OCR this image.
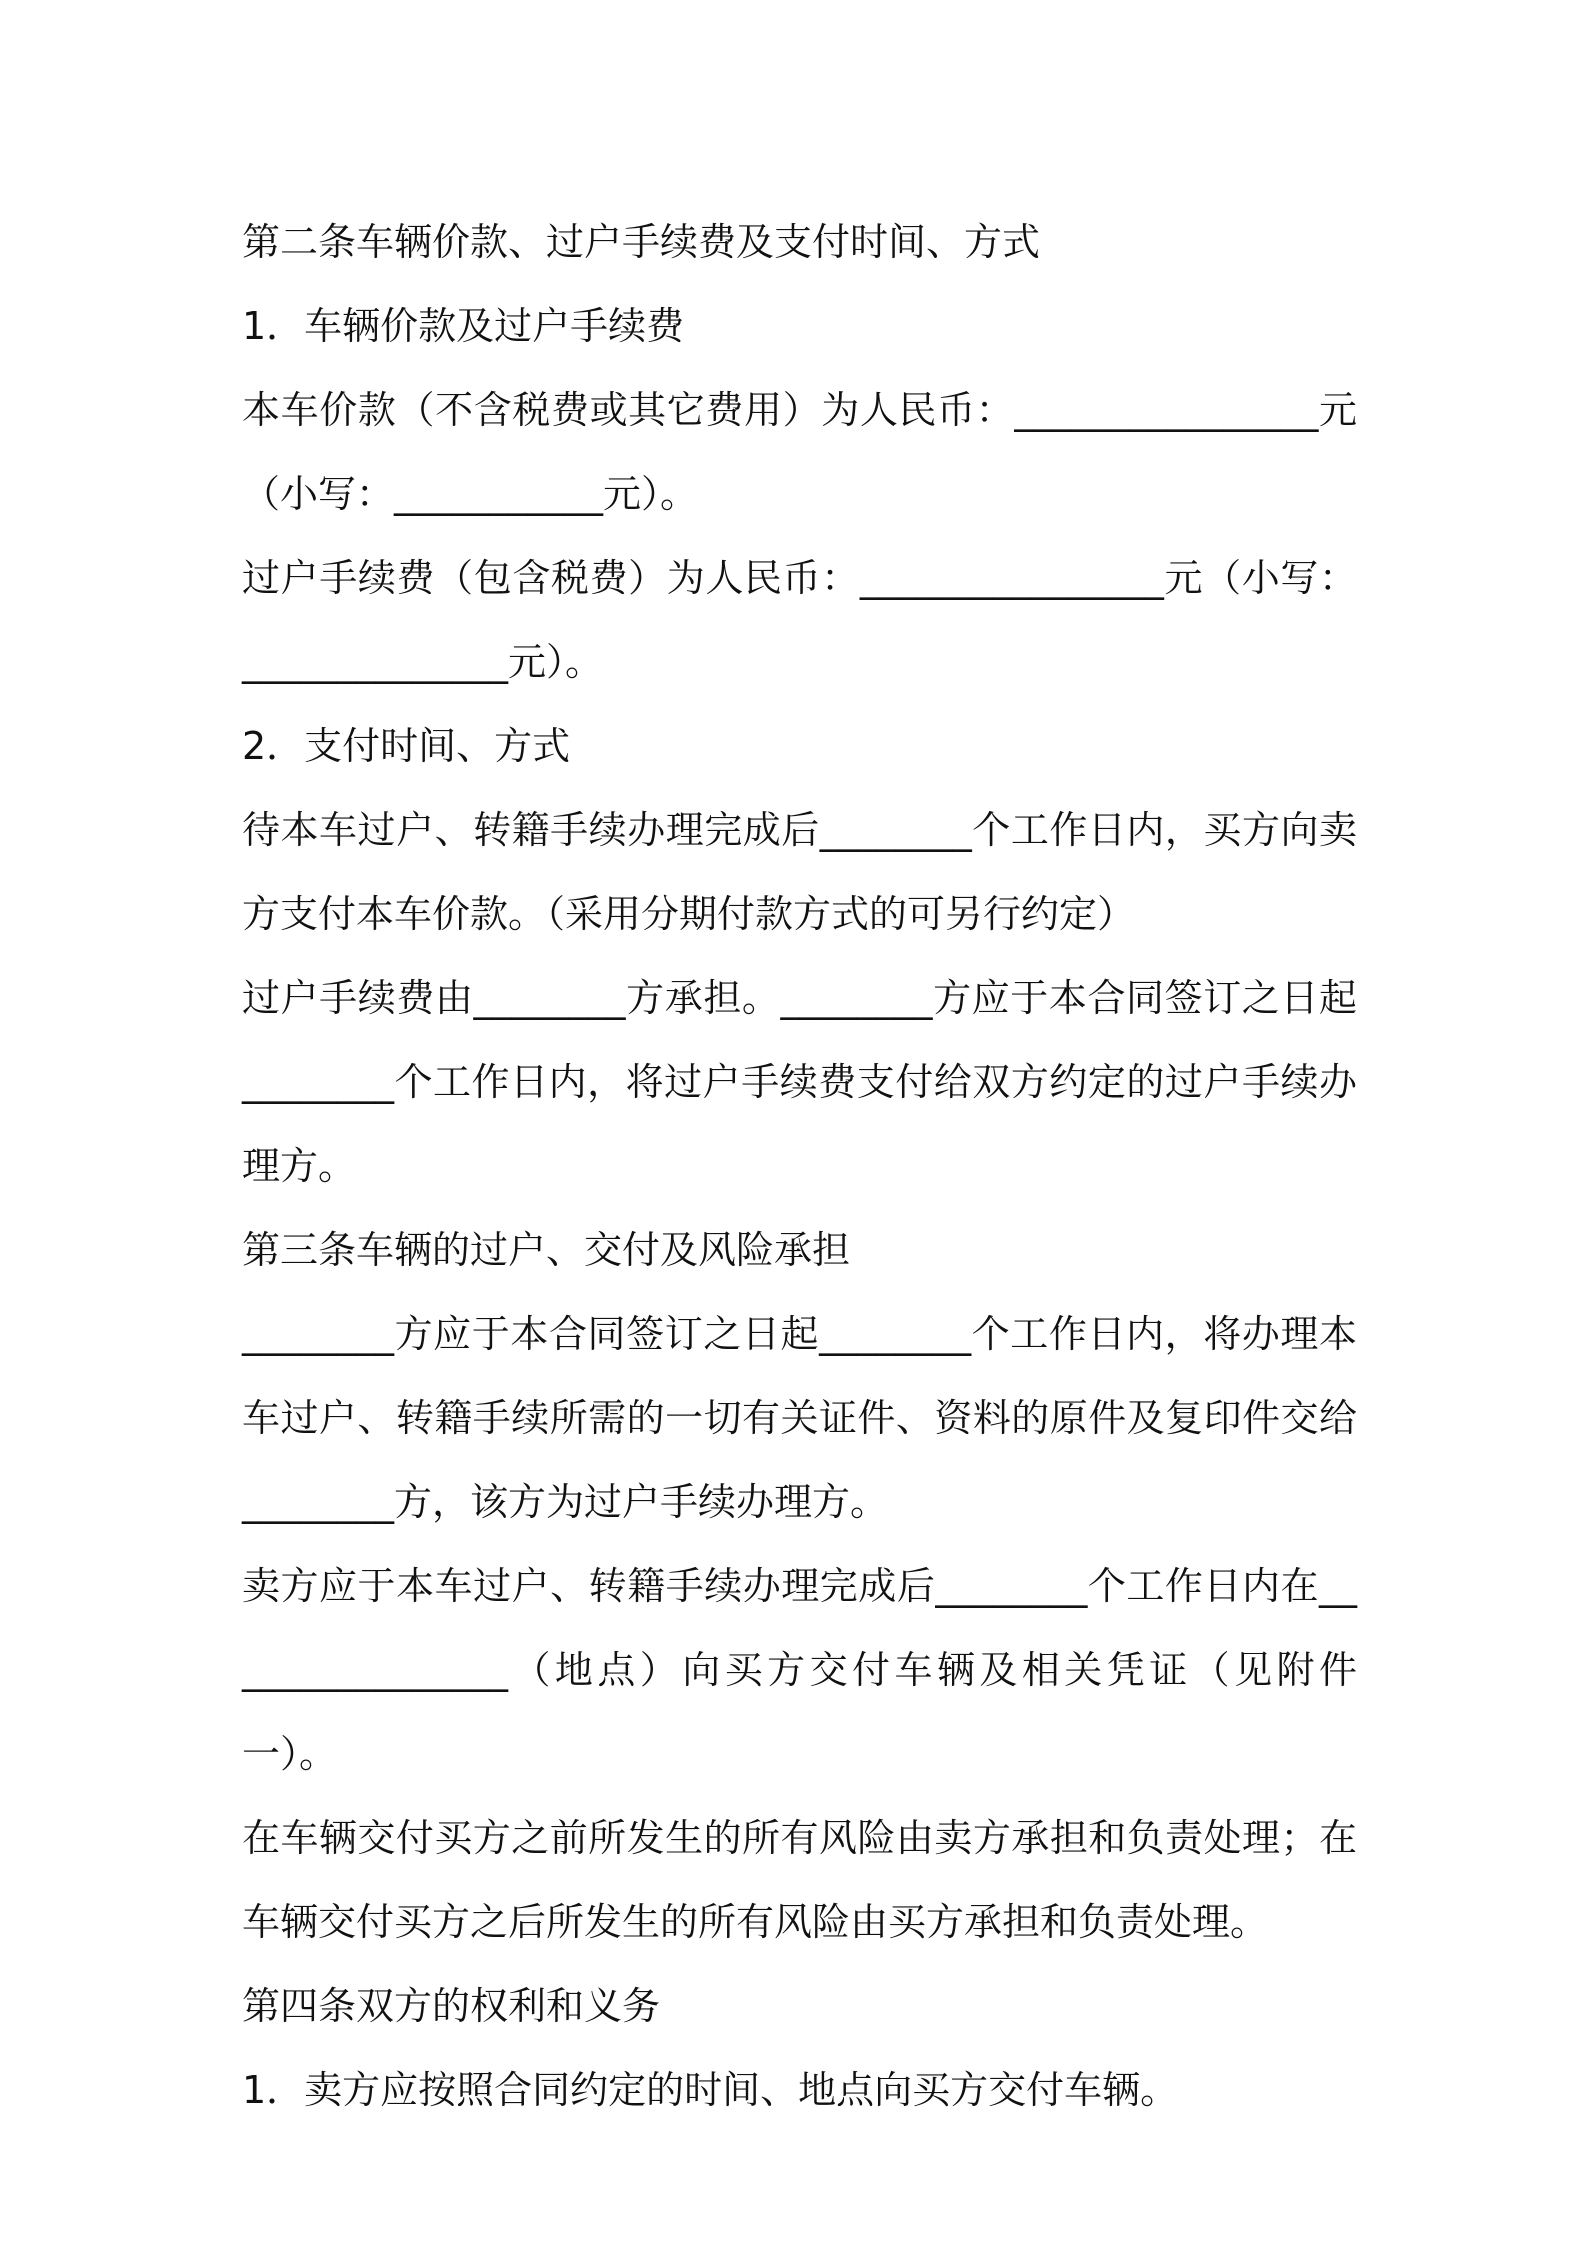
第二条车辆价款、过户手续费及支付时间、方式

1．车辆价款及过户手续费

本车价款（不含税费或其它费用）为人民币：________________元（小写：___________元）。

过户手续费（包含税费）为人民币：________________元（小写：______________元）。

2．支付时间、方式

待本车过户、转籍手续办理完成后________个工作日内，买方向卖方支付本车价款。（采用分期付款方式的可另行约定）

过户手续费由________方承担。________方应于本合同签订之日起________个工作日内，将过户手续费支付给双方约定的过户手续办理方。

第三条车辆的过户、交付及风险承担

________方应于本合同签订之日起________个工作日内，将办理本车过户、转籍手续所需的一切有关证件、资料的原件及复印件交给________方，该方为过户手续办理方。

卖方应于本车过户、转籍手续办理完成后________个工作日内在________________（地点）向买方交付车辆及相关凭证（见附件一）。

在车辆交付买方之前所发生的所有风险由卖方承担和负责处理；在车辆交付买方之后所发生的所有风险由买方承担和负责处理。

第四条双方的权利和义务

1．卖方应按照合同约定的时间、地点向买方交付车辆。
